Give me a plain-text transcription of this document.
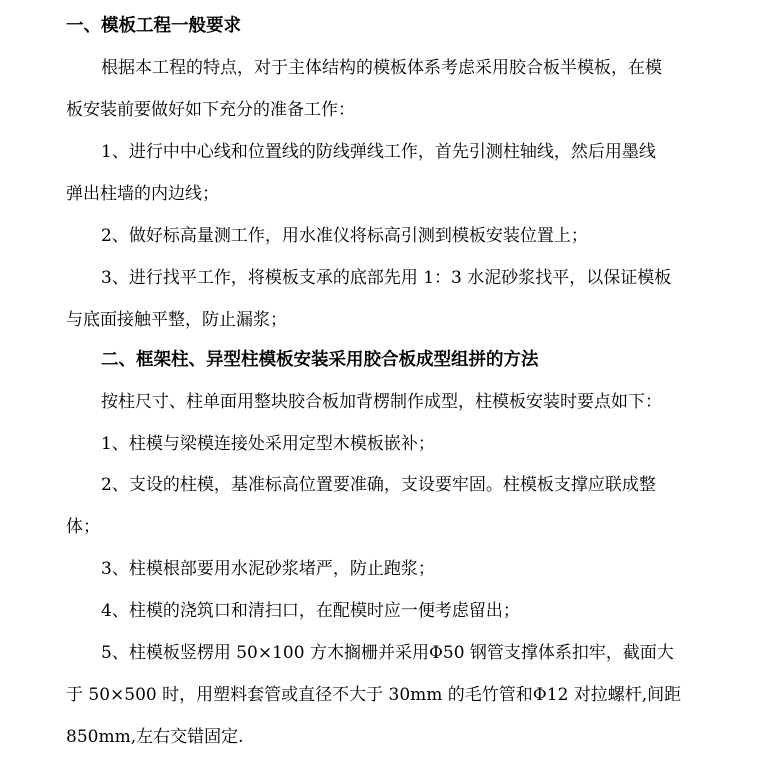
一、模板工程一般要求
根据本工程的特点，对于主体结构的模板体系考虑采用胶合板半模板，在模
板安装前要做好如下充分的准备工作：
1、进行中中心线和位置线的防线弹线工作，首先引测柱轴线，然后用墨线
弹出柱墙的内边线；
2、做好标高量测工作，用水准仪将标高引测到模板安装位置上；
3、进行找平工作，将模板支承的底部先用 1：3 水泥砂浆找平，以保证模板
与底面接触平整，防止漏浆；
二、框架柱、异型柱模板安装采用胶合板成型组拼的方法
按柱尺寸、柱单面用整块胶合板加背楞制作成型，柱模板安装时要点如下：
1、柱模与梁模连接处采用定型木模板嵌补；
2、支设的柱模，基准标高位置要准确，支设要牢固。柱模板支撑应联成整
体；
3、柱模根部要用水泥砂浆堵严，防止跑浆；
4、柱模的浇筑口和清扫口，在配模时应一便考虑留出；
5、柱模板竖楞用 50×100 方木搁栅并采用Φ50 钢管支撑体系扣牢，截面大
于 50×500 时，用塑料套管或直径不大于 30mm 的毛竹管和Φ12 对拉螺杆,间距
850mm,左右交错固定.
